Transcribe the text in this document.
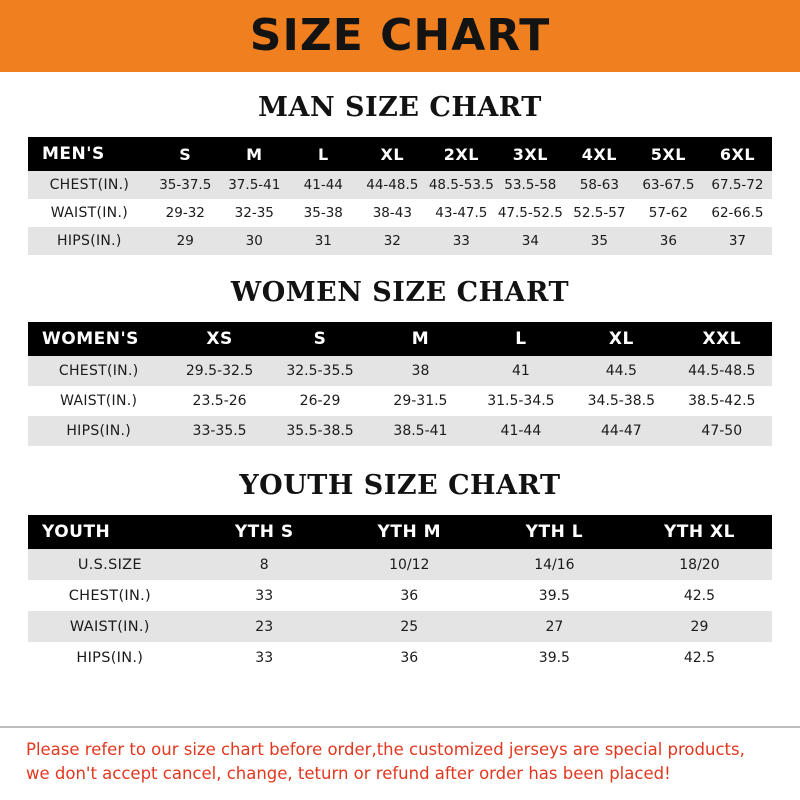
SIZE CHART
MAN SIZE CHART
MEN'S	S	M	L	XL	2XL	3XL	4XL	5XL	6XL
CHEST(IN.)	35-37.5	37.5-41	41-44	44-48.5	48.5-53.5	53.5-58	58-63	63-67.5	67.5-72
WAIST(IN.)	29-32	32-35	35-38	38-43	43-47.5	47.5-52.5	52.5-57	57-62	62-66.5
HIPS(IN.)	29	30	31	32	33	34	35	36	37
WOMEN SIZE CHART
WOMEN'S	XS	S	M	L	XL	XXL
CHEST(IN.)	29.5-32.5	32.5-35.5	38	41	44.5	44.5-48.5
WAIST(IN.)	23.5-26	26-29	29-31.5	31.5-34.5	34.5-38.5	38.5-42.5
HIPS(IN.)	33-35.5	35.5-38.5	38.5-41	41-44	44-47	47-50
YOUTH SIZE CHART
YOUTH	YTH S	YTH M	YTH L	YTH XL
U.S.SIZE	8	10/12	14/16	18/20
CHEST(IN.)	33	36	39.5	42.5
WAIST(IN.)	23	25	27	29
HIPS(IN.)	33	36	39.5	42.5

Please refer to our size chart before order,the customized jerseys are special products,

we don't accept cancel, change, teturn or refund after order has been placed!
